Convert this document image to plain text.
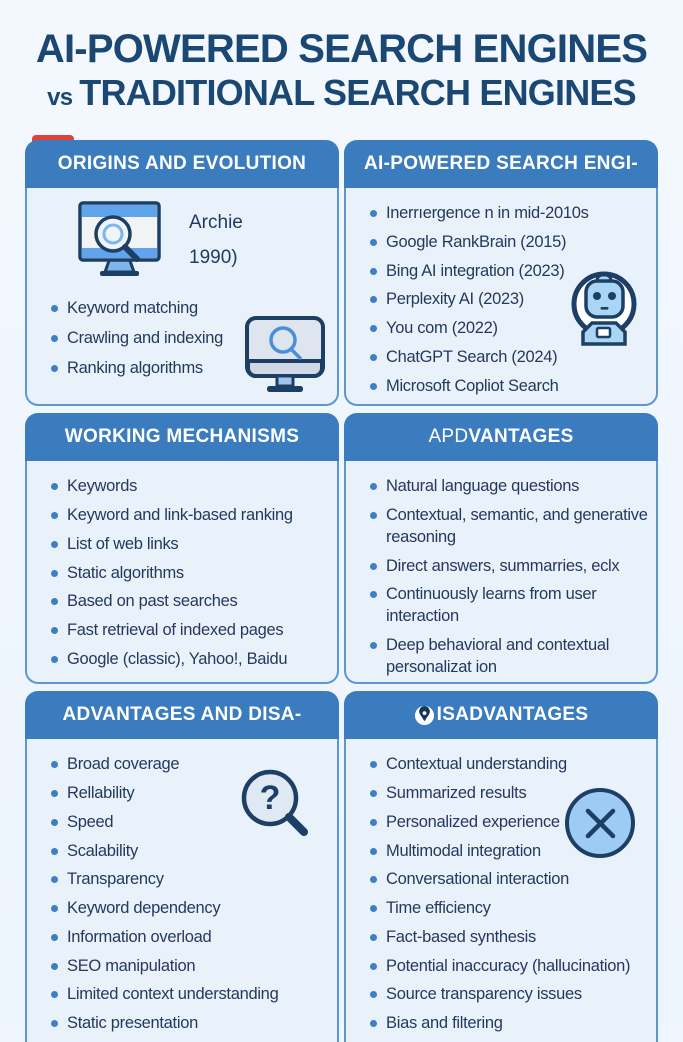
AI-POWERED SEARCH ENGINES
vs TRADITIONAL SEARCH ENGINES
ORIGINS AND EVOLUTION
Archie
1990)
Keyword matching
Crawling and indexing
Ranking algorithms
AI-POWERED SEARCH ENGI-
Inerrıergence n in mid-2010s
Google RankBrain (2015)
Bing AI integration (2023)
Perplexity AI (2023)
You com (2022)
ChatGPT Search (2024)
Microsoft Copliot Search
WORKING MECHANISMS
Keywords
Keyword and link-based ranking
List of web links
Static algorithms
Based on past searches
Fast retrieval of indexed pages
Google (classic), Yahoo!, Baidu
APD VANTAGES
Natural language questions
Contextual, semantic, and generative reasoning
Direct answers, summarries, eclx
Continuously learns from user interaction
Deep behavioral and contextual personalizat ion
ADVANTAGES AND DISA-
Broad coverage
Rellability
Speed
Scalability
Transparency
Keyword dependency
Information overload
SEO manipulation
Limited context understanding
Static presentation
?
ISADVANTAGES
Contextual understanding
Summarized results
Personalized experience
Multimodal integration
Conversational interaction
Time efficiency
Fact-based synthesis
Potential inaccuracy (hallucination)
Source transparency issues
Bias and filtering
